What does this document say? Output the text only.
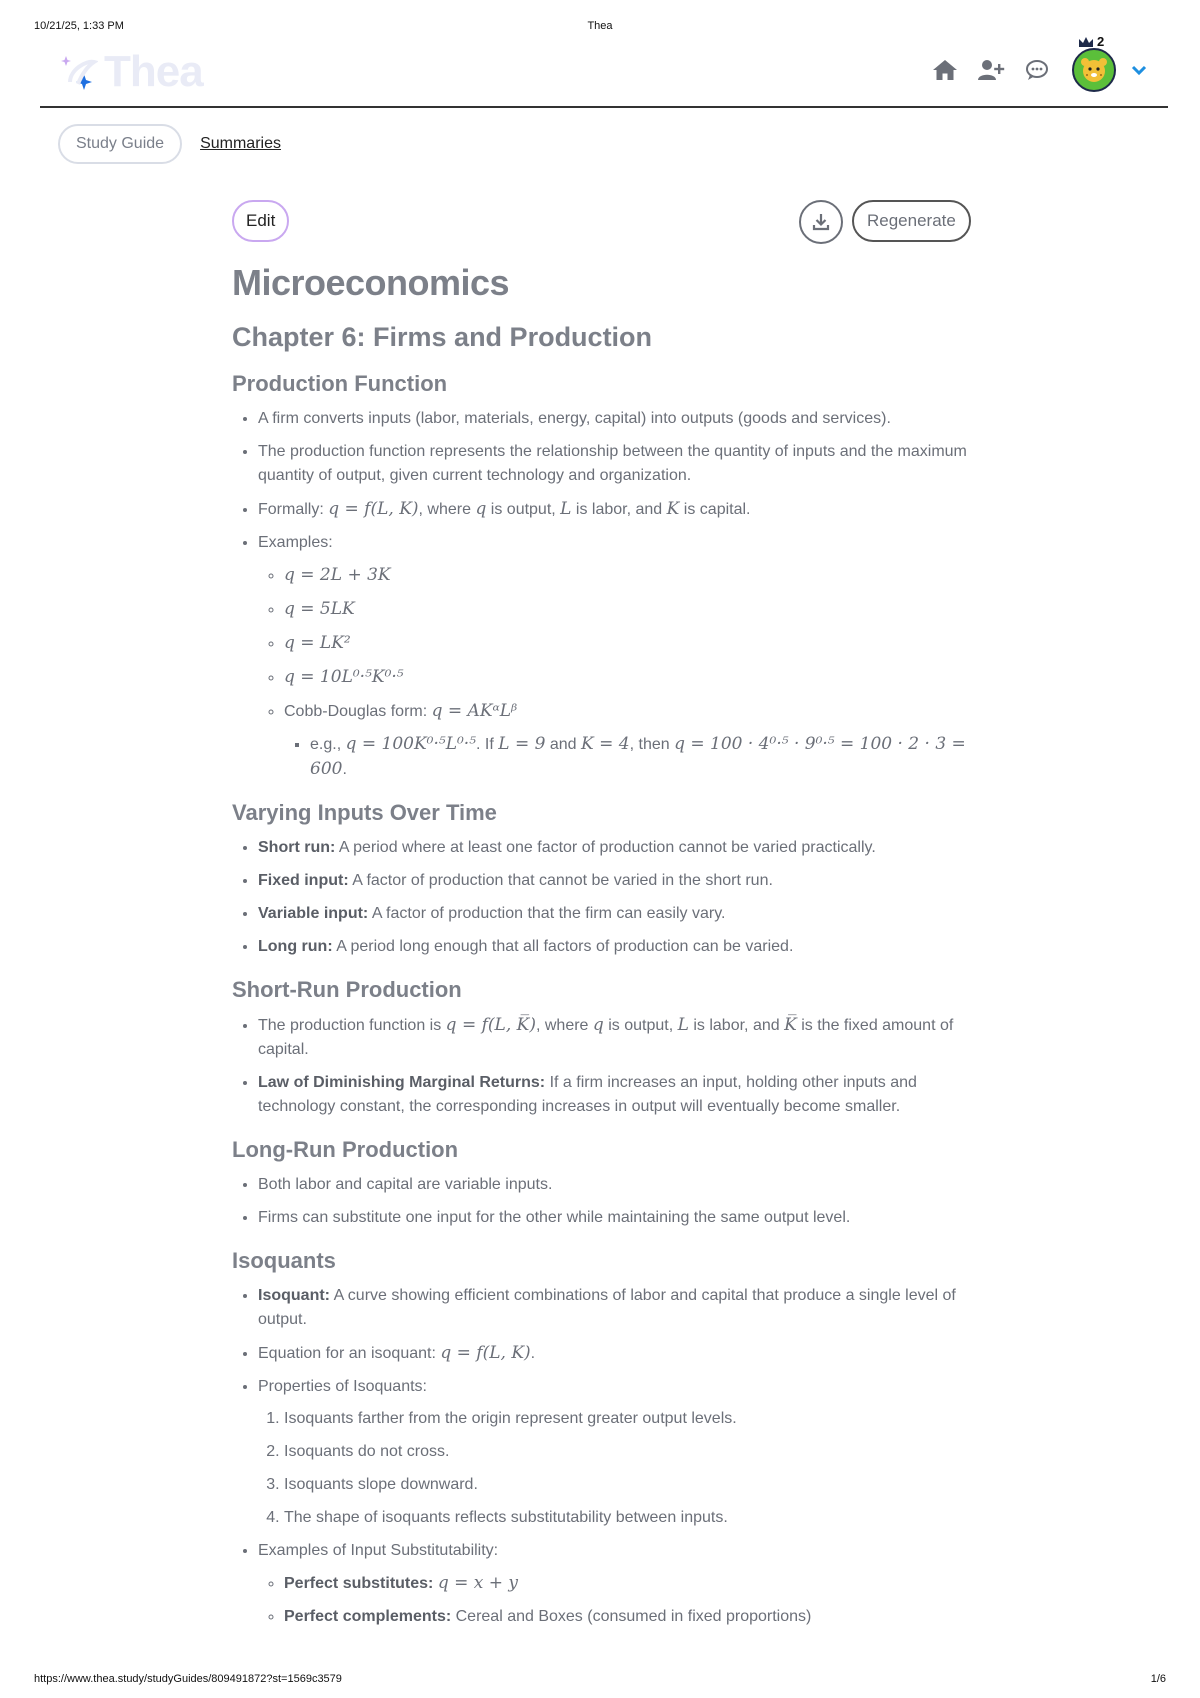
10/21/25, 1:33 PM	Thea
Thea
2
Study Guide	Summaries
Edit	Regenerate
Microeconomics
Chapter 6: Firms and Production
Production Function
• A firm converts inputs (labor, materials, energy, capital) into outputs (goods and services).
• The production function represents the relationship between the quantity of inputs and the maximum quantity of output, given current technology and organization.
• Formally: q = f(L, K), where q is output, L is labor, and K is capital.
• Examples:
◦ q = 2L + 3K
◦ q = 5LK
◦ q = LK²
◦ q = 10L⁰·⁵K⁰·⁵
◦ Cobb-Douglas form: q = AKᵅLᵝ
▪ e.g., q = 100K⁰·⁵L⁰·⁵. If L = 9 and K = 4, then q = 100 · 4⁰·⁵ · 9⁰·⁵ = 100 · 2 · 3 = 600.
Varying Inputs Over Time
• Short run: A period where at least one factor of production cannot be varied practically.
• Fixed input: A factor of production that cannot be varied in the short run.
• Variable input: A factor of production that the firm can easily vary.
• Long run: A period long enough that all factors of production can be varied.
Short-Run Production
• The production function is q = f(L, K̅), where q is output, L is labor, and K̅ is the fixed amount of capital.
• Law of Diminishing Marginal Returns: If a firm increases an input, holding other inputs and technology constant, the corresponding increases in output will eventually become smaller.
Long-Run Production
• Both labor and capital are variable inputs.
• Firms can substitute one input for the other while maintaining the same output level.
Isoquants
• Isoquant: A curve showing efficient combinations of labor and capital that produce a single level of output.
• Equation for an isoquant: q = f(L, K).
• Properties of Isoquants:
1. Isoquants farther from the origin represent greater output levels.
2. Isoquants do not cross.
3. Isoquants slope downward.
4. The shape of isoquants reflects substitutability between inputs.
• Examples of Input Substitutability:
◦ Perfect substitutes: q = x + y
◦ Perfect complements: Cereal and Boxes (consumed in fixed proportions)
https://www.thea.study/studyGuides/809491872?st=1569c3579	1/6
